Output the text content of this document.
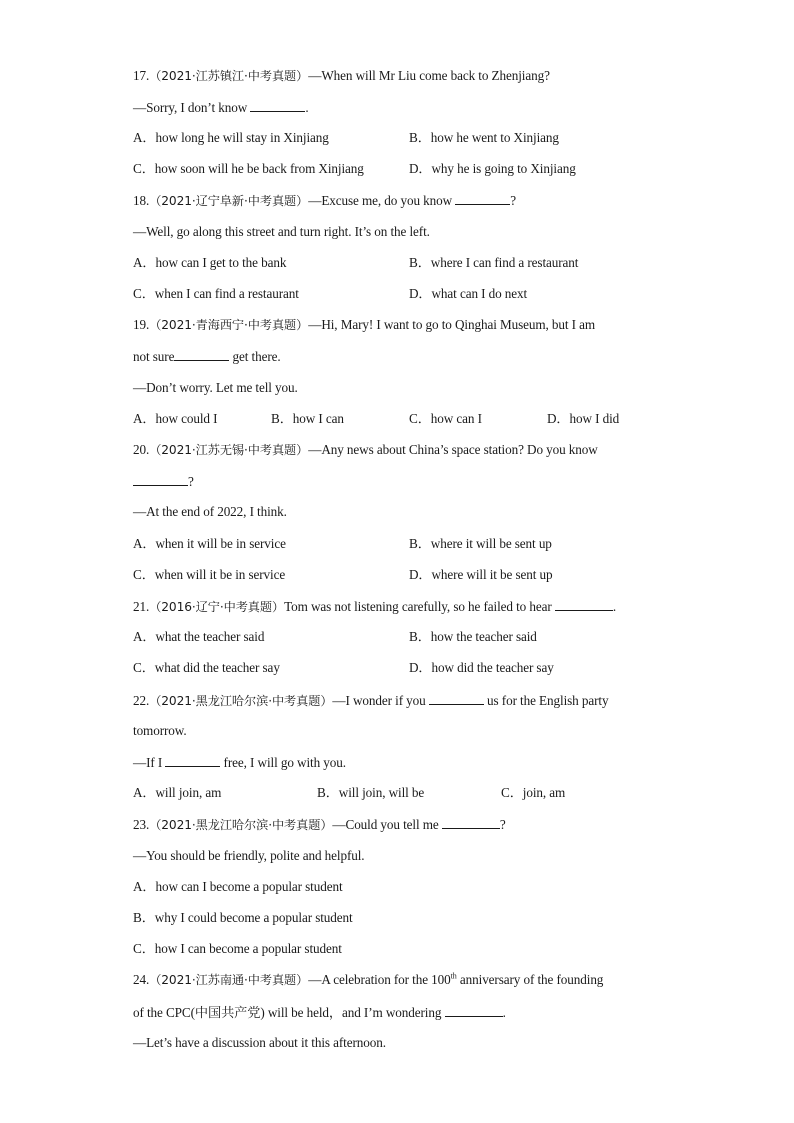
17.（2021·江苏镇江·中考真题）—When will Mr Liu come back to Zhenjiang?
—Sorry, I don’t know	.
A．how long he will stay in Xinjiang	B．how he went to Xinjiang
C．how soon will he be back from Xinjiang	D．why he is going to Xinjiang
18.（2021·辽宁阜新·中考真题）—Excuse me, do you know	?
—Well, go along this street and turn right. It’s on the left.
A．how can I get to the bank	B．where I can find a restaurant
C．when I can find a restaurant	D．what can I do next
19.（2021·青海西宁·中考真题）—Hi, Mary! I want to go to Qinghai Museum, but I am
not sure	get there.
—Don’t worry. Let me tell you.
A．how could I	B．how I can	C．how can I	D．how I did
20.（2021·江苏无锡·中考真题）—Any news about China’s space station? Do you know
?
—At the end of 2022, I think.
A．when it will be in service	B．where it will be sent up
C．when will it be in service	D．where will it be sent up
21.（2016·辽宁·中考真题）Tom was not listening carefully, so he failed to hear	.
A．what the teacher said	B．how the teacher said
C．what did the teacher say	D．how did the teacher say
22.（2021·黑龙江哈尔滨·中考真题）—I wonder if you	us for the English party
tomorrow.
—If I	free, I will go with you.
A．will join, am	B．will join, will be	C．join, am
23.（2021·黑龙江哈尔滨·中考真题）—Could you tell me	?
—You should be friendly, polite and helpful.
A．how can I become a popular student
B．why I could become a popular student
C．how I can become a popular student
24.（2021·江苏南通·中考真题）—A celebration for the 100th anniversary of the founding
of the CPC(中国共产党) will be held，and I’m wondering	.
—Let’s have a discussion about it this afternoon.
